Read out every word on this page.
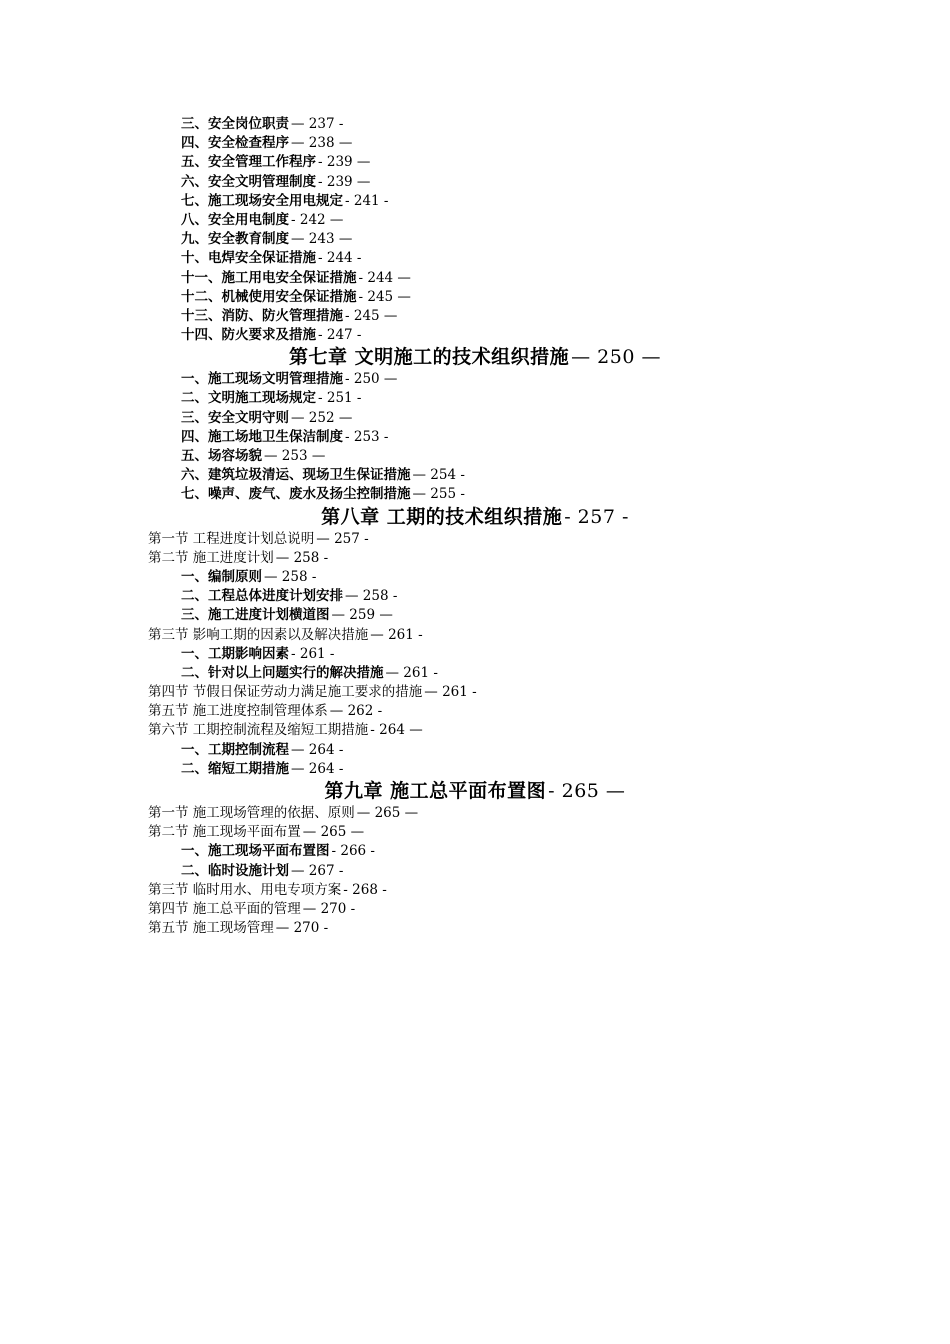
三、安全岗位职责 — 237 -
四、安全检查程序 — 238 —
五、安全管理工作程序 - 239 —
六、安全文明管理制度 - 239 —
七、施工现场安全用电规定 - 241 -
八、安全用电制度 - 242 —
九、安全教育制度 — 243 —
十、电焊安全保证措施 - 244 -
十一、施工用电安全保证措施 - 244 —
十二、机械使用安全保证措施 - 245 —
十三、消防、防火管理措施 - 245 —
十四、防火要求及措施 - 247 -
第七章 文明施工的技术组织措施 — 250 —
一、施工现场文明管理措施 - 250 —
二、文明施工现场规定 - 251 -
三、安全文明守则 — 252 —
四、施工场地卫生保洁制度 - 253 -
五、场容场貌 — 253 —
六、建筑垃圾清运、现场卫生保证措施 — 254 -
七、噪声、废气、废水及扬尘控制措施 — 255 -
第八章 工期的技术组织措施 - 257 -
第一节 工程进度计划总说明 — 257 -
第二节 施工进度计划 — 258 -
一、编制原则 — 258 -
二、工程总体进度计划安排 — 258 -
三、施工进度计划横道图 — 259 —
第三节 影响工期的因素以及解决措施 — 261 -
一、工期影响因素 - 261 -
二、针对以上问题实行的解决措施 — 261 -
第四节 节假日保证劳动力满足施工要求的措施 — 261 -
第五节 施工进度控制管理体系 — 262 -
第六节 工期控制流程及缩短工期措施 - 264 —
一、工期控制流程 — 264 -
二、缩短工期措施 — 264 -
第九章 施工总平面布置图 - 265 —
第一节 施工现场管理的依据、原则 — 265 —
第二节 施工现场平面布置 — 265 —
一、施工现场平面布置图 - 266 -
二、临时设施计划 — 267 -
第三节 临时用水、用电专项方案 - 268 -
第四节 施工总平面的管理 — 270 -
第五节 施工现场管理 — 270 -
